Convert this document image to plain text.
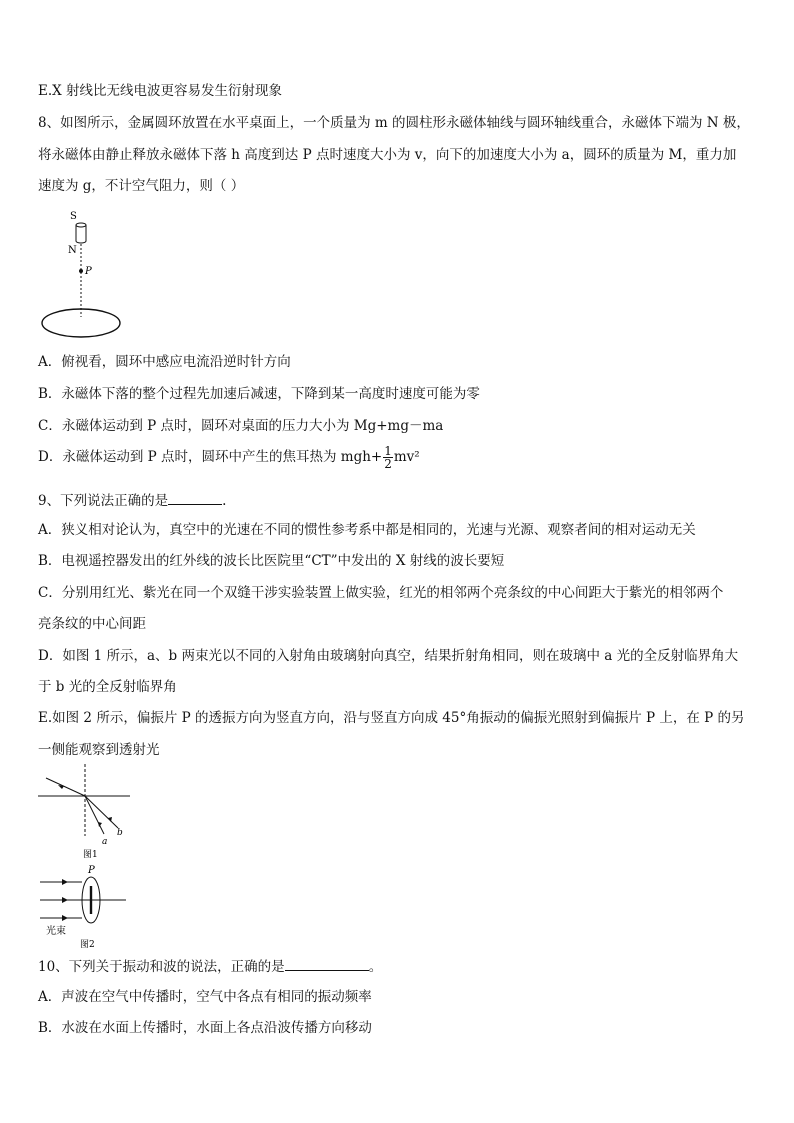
E.X 射线比无线电波更容易发生衍射现象
8、如图所示，金属圆环放置在水平桌面上，一个质量为 m 的圆柱形永磁体轴线与圆环轴线重合，永磁体下端为 N 极，
将永磁体由静止释放永磁体下落 h 高度到达 P 点时速度大小为 v，向下的加速度大小为 a，圆环的质量为 M，重力加
速度为 g，不计空气阻力，则（ ）
S
N
P
A．俯视看，圆环中感应电流沿逆时针方向
B．永磁体下落的整个过程先加速后减速，下降到某一高度时速度可能为零
C．永磁体运动到 P 点时，圆环对桌面的压力大小为 Mg+mg－ma
D．永磁体运动到 P 点时，圆环中产生的焦耳热为 $mgh+ \frac{1}{2} mv^2$
9、下列说法正确的是	.
A．狭义相对论认为，真空中的光速在不同的惯性参考系中都是相同的，光速与光源、观察者间的相对运动无关
B．电视遥控器发出的红外线的波长比医院里“CT”中发出的 X 射线的波长要短
C．分别用红光、紫光在同一个双缝干涉实验装置上做实验，红光的相邻两个亮条纹的中心间距大于紫光的相邻两个
亮条纹的中心间距
D．如图 1 所示，a、b 两束光以不同的入射角由玻璃射向真空，结果折射角相同，则在玻璃中 a 光的全反射临界角大
于 b 光的全反射临界角
E.如图 2 所示，偏振片 P 的透振方向为竖直方向，沿与竖直方向成 45°角振动的偏振光照射到偏振片 P 上，在 P 的另
一侧能观察到透射光
a
b
图1
P
光束
图2
10、下列关于振动和波的说法，正确的是	。
A．声波在空气中传播时，空气中各点有相同的振动频率
B．水波在水面上传播时，水面上各点沿波传播方向移动
